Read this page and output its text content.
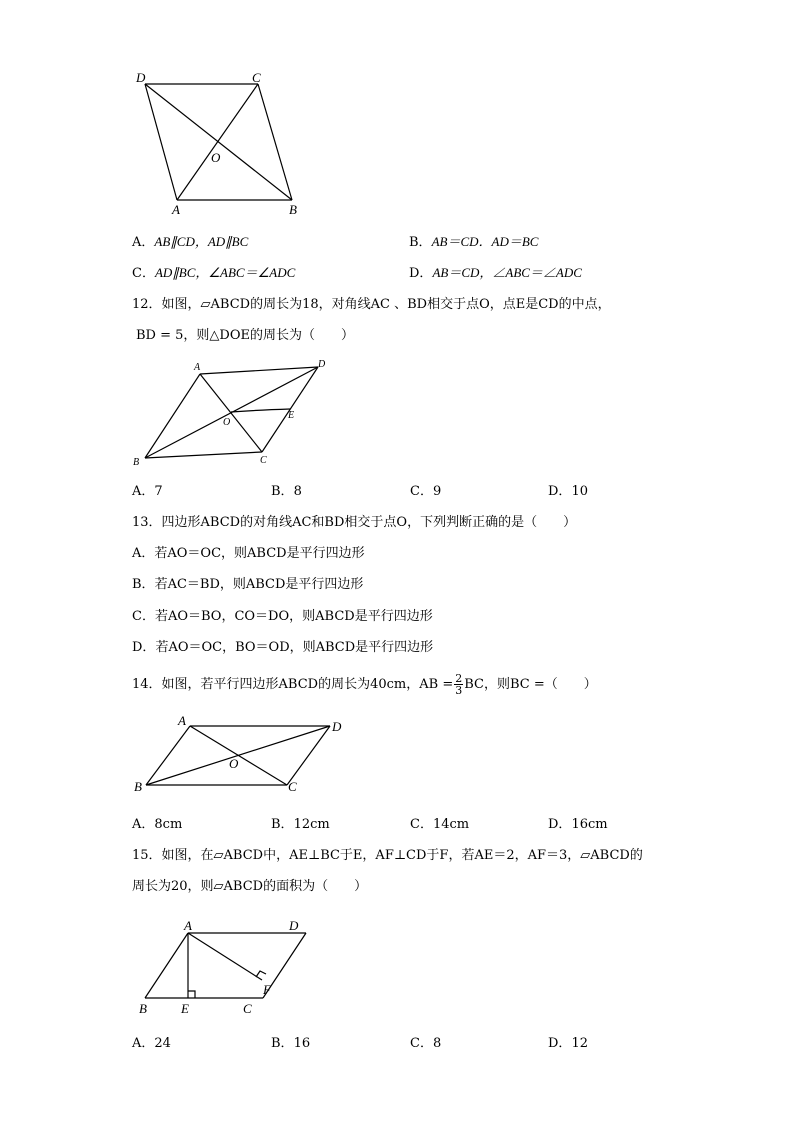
D	C
O
A	B
A．AB∥CD，AD∥BC	B．AB＝CD．AD＝BC
C．AD∥BC，∠ABC＝∠ADC	D．AB＝CD，∠ABC＝∠ADC
12．如图，▱ABCD的周长为18，对角线AC 、BD相交于点O，点E是CD的中点，
BD = 5，则△DOE的周长为（　　）
A	D
O
E
B	C
A．7	B．8	C．9	D．10
13．四边形ABCD的对角线AC和BD相交于点O，下列判断正确的是（　　）
A．若AO＝OC，则ABCD是平行四边形
B．若AC＝BD，则ABCD是平行四边形
C．若AO＝BO，CO＝DO，则ABCD是平行四边形
D．若AO＝OC，BO＝OD，则ABCD是平行四边形
14．如图，若平行四边形ABCD的周长为40cm，AB = $\frac{2}{3}$ BC，则BC =（　　）
A	D
O
B	C
A．8cm	B．12cm	C．14cm	D．16cm
15．如图，在▱ABCD中，AE⊥BC于E，AF⊥CD于F，若AE＝2，AF＝3，▱ABCD的
周长为20，则▱ABCD的面积为（　　）
A	D
F
B	E	C
A．24	B．16	C．8	D．12
